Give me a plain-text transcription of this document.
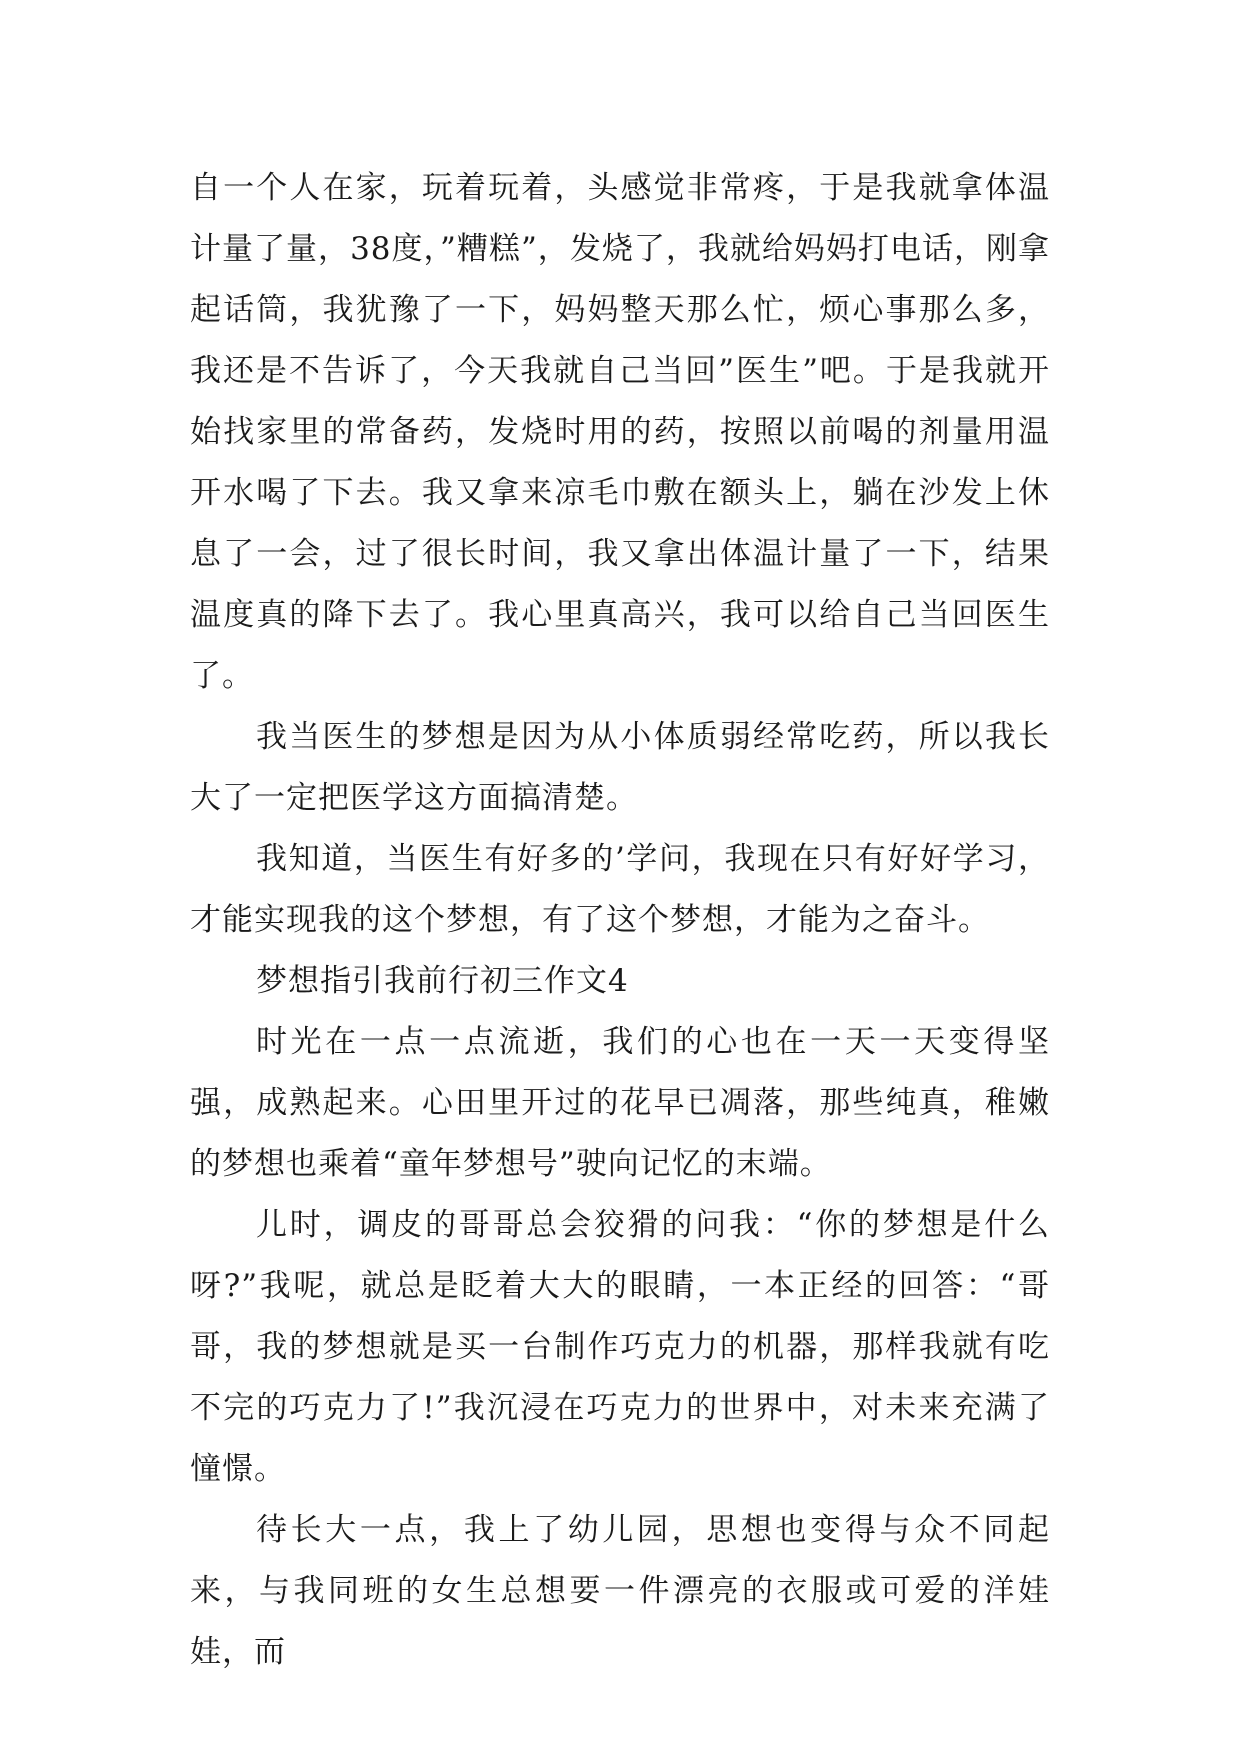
自一个人在家，玩着玩着，头感觉非常疼，于是我就拿体温计量了量，38度，”糟糕”，发烧了，我就给妈妈打电话，刚拿起话筒，我犹豫了一下，妈妈整天那么忙，烦心事那么多，我还是不告诉了，今天我就自己当回”医生”吧。于是我就开始找家里的常备药，发烧时用的药，按照以前喝的剂量用温开水喝了下去。我又拿来凉毛巾敷在额头上，躺在沙发上休息了一会，过了很长时间，我又拿出体温计量了一下，结果温度真的降下去了。我心里真高兴，我可以给自己当回医生了。

我当医生的梦想是因为从小体质弱经常吃药，所以我长大了一定把医学这方面搞清楚。

我知道，当医生有好多的’学问，我现在只有好好学习，才能实现我的这个梦想，有了这个梦想，才能为之奋斗。

梦想指引我前行初三作文4

时光在一点一点流逝，我们的心也在一天一天变得坚强，成熟起来。心田里开过的花早已凋落，那些纯真，稚嫩的梦想也乘着“童年梦想号”驶向记忆的末端。

儿时，调皮的哥哥总会狡猾的问我：“你的梦想是什么呀?”我呢，就总是眨着大大的眼睛，一本正经的回答：“哥哥，我的梦想就是买一台制作巧克力的机器，那样我就有吃不完的巧克力了!”我沉浸在巧克力的世界中，对未来充满了憧憬。

待长大一点，我上了幼儿园，思想也变得与众不同起来，与我同班的女生总想要一件漂亮的衣服或可爱的洋娃娃，而
